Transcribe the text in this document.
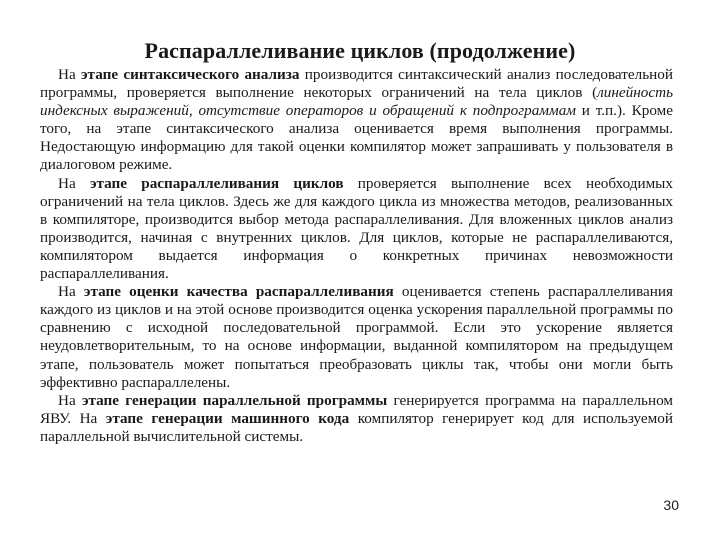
Распараллеливание циклов (продолжение)

На этапе синтаксического анализа производится синтаксический анализ последовательной программы, проверяется выполнение некоторых ограничений на тела циклов (линейность индексных выражений, отсутствие операторов и обращений к подпрограммам и т.п.). Кроме того, на этапе синтаксического анализа оценивается время выполнения программы. Недостающую информацию для такой оценки компилятор может запрашивать у пользователя в диалоговом режиме.

На этапе распараллеливания циклов проверяется выполнение всех необходимых ограничений на тела циклов. Здесь же для каждого цикла из множества методов, реализованных в компиляторе, производится выбор метода распараллеливания. Для вложенных циклов анализ производится, начиная с внутренних циклов. Для циклов, которые не распараллеливаются, компилятором выдается информация о конкретных причинах невозможности распараллеливания.

На этапе оценки качества распараллеливания оценивается степень распараллеливания каждого из циклов и на этой основе производится оценка ускорения параллельной программы по сравнению с исходной последовательной программой. Если это ускорение является неудовлетворительным, то на основе информации, выданной компилятором на предыдущем этапе, пользователь может попытаться преобразовать циклы так, чтобы они могли быть эффективно распараллелены.

На этапе генерации параллельной программы генерируется программа на параллельном ЯВУ. На этапе генерации машинного кода компилятор генерирует код для используемой параллельной вычислительной системы.

30
